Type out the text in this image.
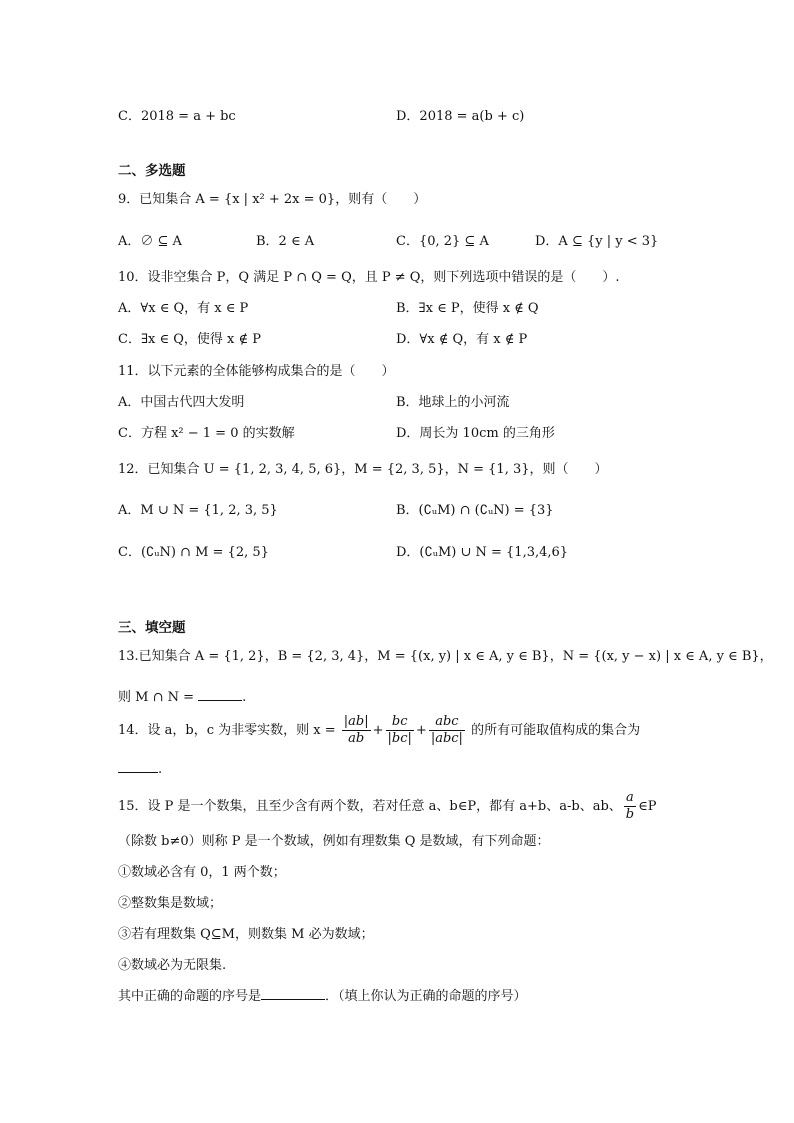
C．2018 = a + bc	D．2018 = a(b + c)
二、多选题
9．已知集合 A = {x | x² + 2x = 0}，则有（　　）
A．∅ ⊆ A	B．2 ∈ A	C．{0, 2} ⊆ A	D．A ⊆ {y | y < 3}
10．设非空集合 P，Q 满足 P ∩ Q = Q，且 P ≠ Q，则下列选项中错误的是（　　）.
A．∀x ∈ Q，有 x ∈ P	B．∃x ∈ P，使得 x ∉ Q
C．∃x ∈ Q，使得 x ∉ P	D．∀x ∉ Q，有 x ∉ P
11．以下元素的全体能够构成集合的是（　　）
A．中国古代四大发明	B．地球上的小河流
C．方程 x² − 1 = 0 的实数解	D．周长为 10cm 的三角形
12．已知集合 U = {1, 2, 3, 4, 5, 6}，M = {2, 3, 5}，N = {1, 3}，则（　　）
A．M ∪ N = {1, 2, 3, 5}	B．(∁ᵤM) ∩ (∁ᵤN) = {3}
C．(∁ᵤN) ∩ M = {2, 5}	D．(∁ᵤM) ∪ N = {1,3,4,6}
三、填空题
13.已知集合 A = {1, 2}，B = {2, 3, 4}，M = {(x, y) | x ∈ A, y ∈ B}，N = {(x, y − x) | x ∈ A, y ∈ B}，
则 M ∩ N =	.
14．设 a，b，c 为非零实数，则 $x = \frac{|ab|}{ab} + \frac{bc}{|bc|} + \frac{\text{abc}}{\text{|abc|}}$ 的所有可能取值构成的集合为
.
15．设 P 是一个数集，且至少含有两个数，若对任意 a、b∈P，都有 a+b、a-b、ab、 $\frac{a}{b}$ ∈P
（除数 b≠0）则称 P 是一个数域，例如有理数集 Q 是数域，有下列命题：
①数域必含有 0，1 两个数；
②整数集是数域；
③若有理数集 Q⊆M，则数集 M 必为数域；
④数域必为无限集.
其中正确的命题的序号是	．（填上你认为正确的命题的序号）
